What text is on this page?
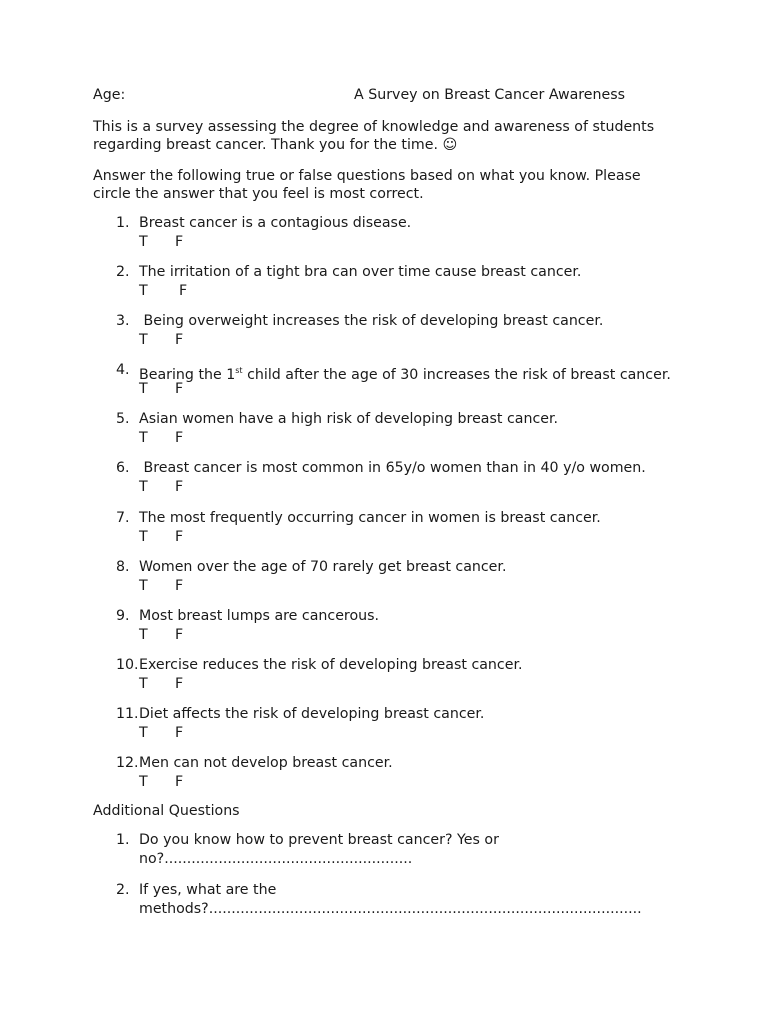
Age:	A Survey on Breast Cancer Awareness
This is a survey assessing the degree of knowledge and awareness of students
regarding breast cancer. Thank you for the time. ☺
Answer the following true or false questions based on what you know. Please
circle the answer that you feel is most correct.
1. Breast cancer is a contagious disease.
T F
2. The irritation of a tight bra can over time cause breast cancer.
T F
3. Being overweight increases the risk of developing breast cancer.
T F
4. Bearing the 1st child after the age of 30 increases the risk of breast cancer.
T F
5. Asian women have a high risk of developing breast cancer.
T F
6. Breast cancer is most common in 65y/o women than in 40 y/o women.
T F
7. The most frequently occurring cancer in women is breast cancer.
T F
8. Women over the age of 70 rarely get breast cancer.
T F
9. Most breast lumps are cancerous.
T F
10. Exercise reduces the risk of developing breast cancer.
T F
11. Diet affects the risk of developing breast cancer.
T F
12. Men can not develop breast cancer.
T F
Additional Questions
1. Do you know how to prevent breast cancer? Yes or
no?.......................................................
2. If yes, what are the
methods?................................................................................................
